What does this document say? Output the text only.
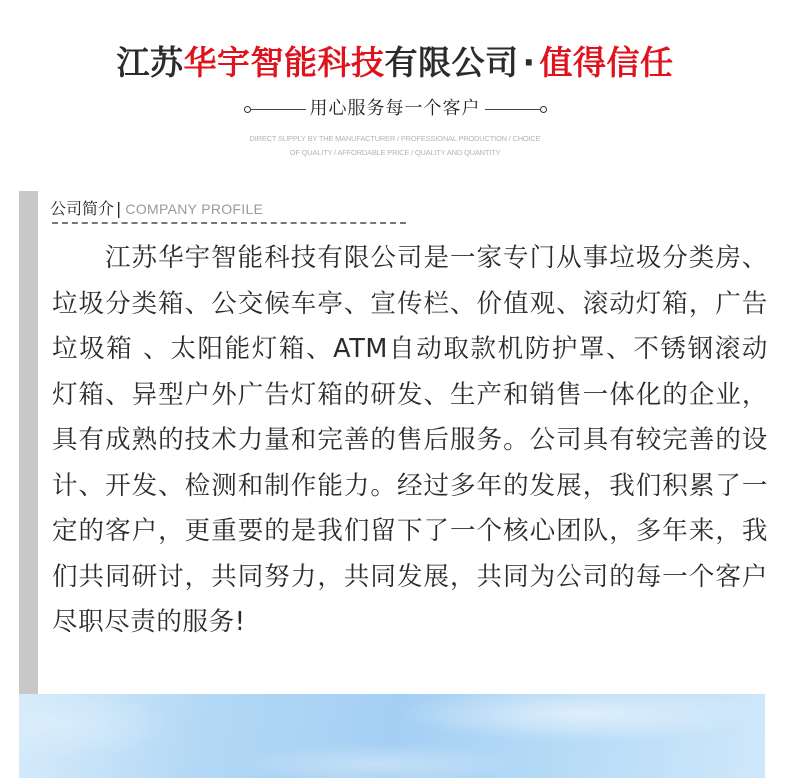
江苏华宇智能科技有限公司 · 值得信任
用心服务每一个客户
DIRECT SUPPLY BY THE MANUFACTURER / PROFESSIONAL PRODUCTION / CHOICE
OF QUALITY / AFFORDABLE PRICE / QUALITY AND QUANTITY
公司简介 | COMPANY PROFILE

江苏华宇智能科技有限公司是一家专门从事垃圾分类房、垃圾分类箱、公交候车亭、宣传栏、价值观、滚动灯箱，广告垃圾箱 、太阳能灯箱、ATM自动取款机防护罩、不锈钢滚动灯箱、异型户外广告灯箱的研发、生产和销售一体化的企业，具有成熟的技术力量和完善的售后服务。公司具有较完善的设计、开发、检测和制作能力。经过多年的发展，我们积累了一定的客户，更重要的是我们留下了一个核心团队，多年来，我们共同研讨，共同努力，共同发展，共同为公司的每一个客户尽职尽责的服务!
